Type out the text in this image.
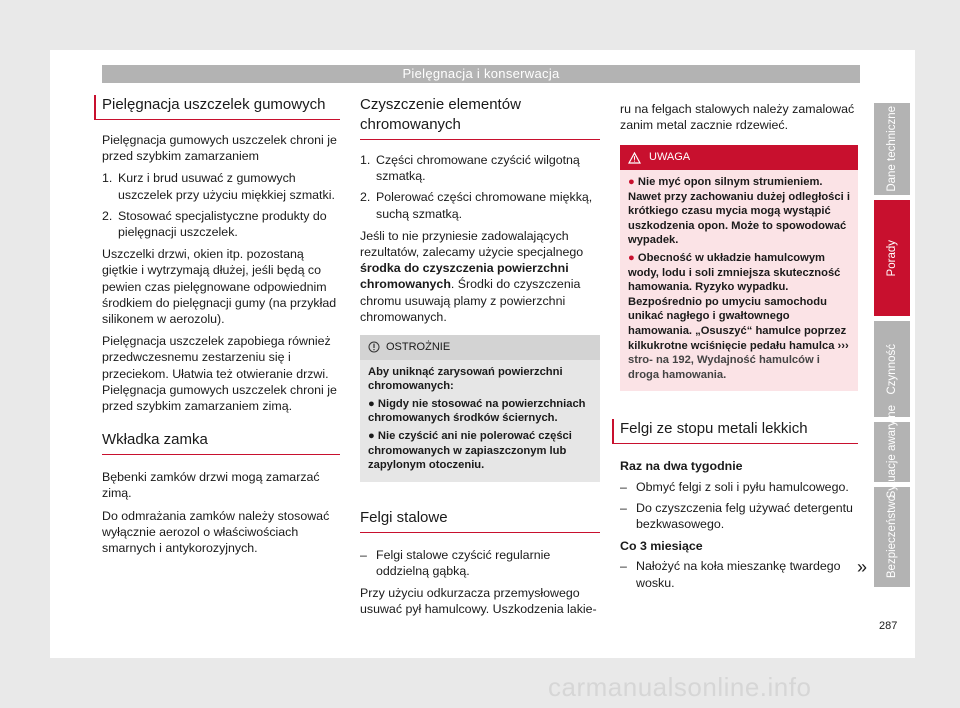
Pielęgnacja i konserwacja
Pielęgnacja uszczelek gumowych

Pielęgnacja gumowych uszczelek chroni je przed szybkim zamarzaniem

1. Kurz i brud usuwać z gumowych uszczelek przy użyciu miękkiej szmatki.
2. Stosować specjalistyczne produkty do pielęgnacji uszczelek.

Uszczelki drzwi, okien itp. pozostaną giętkie i wytrzymają dłużej, jeśli będą co pewien czas pielęgnowane odpowiednim środkiem do pielęgnacji gumy (na przykład silikonem w aerozolu).

Pielęgnacja uszczelek zapobiega również przedwczesnemu zestarzeniu się i przeciekom. Ułatwia też otwieranie drzwi. Pielęgnacja gumowych uszczelek chroni je przed szybkim zamarzaniem zimą.

Wkładka zamka

Bębenki zamków drzwi mogą zamarzać zimą.

Do odmrażania zamków należy stosować wyłącznie aerozol o właściwościach smarnych i antykorozyjnych.

Czyszczenie elementów chromowanych
1. Części chromowane czyścić wilgotną szmatką.
2. Polerować części chromowane miękką, suchą szmatką.

Jeśli to nie przyniesie zadowalających rezultatów, zalecamy użycie specjalnego środka do czyszczenia powierzchni chromowanych. Środki do czyszczenia chromu usuwają plamy z powierzchni chromowanych.

OSTROŻNIE
Aby uniknąć zarysowań powierzchni chromowanych:
● Nigdy nie stosować na powierzchniach chromowanych środków ściernych.
● Nie czyścić ani nie polerować części chromowanych w zapiaszczonym lub zapylonym otoczeniu.
Felgi stalowe
– Felgi stalowe czyścić regularnie oddzielną gąbką.

Przy użyciu odkurzacza przemysłowego usuwać pył hamulcowy. Uszkodzenia lakie-

ru na felgach stalowych należy zamalować zanim metal zacznie rdzewieć.

UWAGA
● Nie myć opon silnym strumieniem. Nawet przy zachowaniu dużej odległości i krótkiego czasu mycia mogą wystąpić uszkodzenia opon. Może to spowodować wypadek.
● Obecność w układzie hamulcowym wody, lodu i soli zmniejsza skuteczność hamowania. Ryzyko wypadku. Bezpośrednio po umyciu samochodu unikać nagłego i gwałtownego hamowania. „Osuszyć“ hamulce poprzez kilkukrotne wciśnięcie pedału hamulca ››› stro- na 192, Wydajność hamulców i droga hamowania.
Felgi ze stopu metali lekkich

Raz na dwa tygodnie

– Obmyć felgi z soli i pyłu hamulcowego.
– Do czyszczenia felg używać detergentu bezkwasowego.

Co 3 miesiące

– Nałożyć na koła mieszankę twardego wosku.
»
Dane techniczne
Porady
Czynność
Sytuacje awaryjne
Bezpieczeństwo
287
carmanualsonline.info
